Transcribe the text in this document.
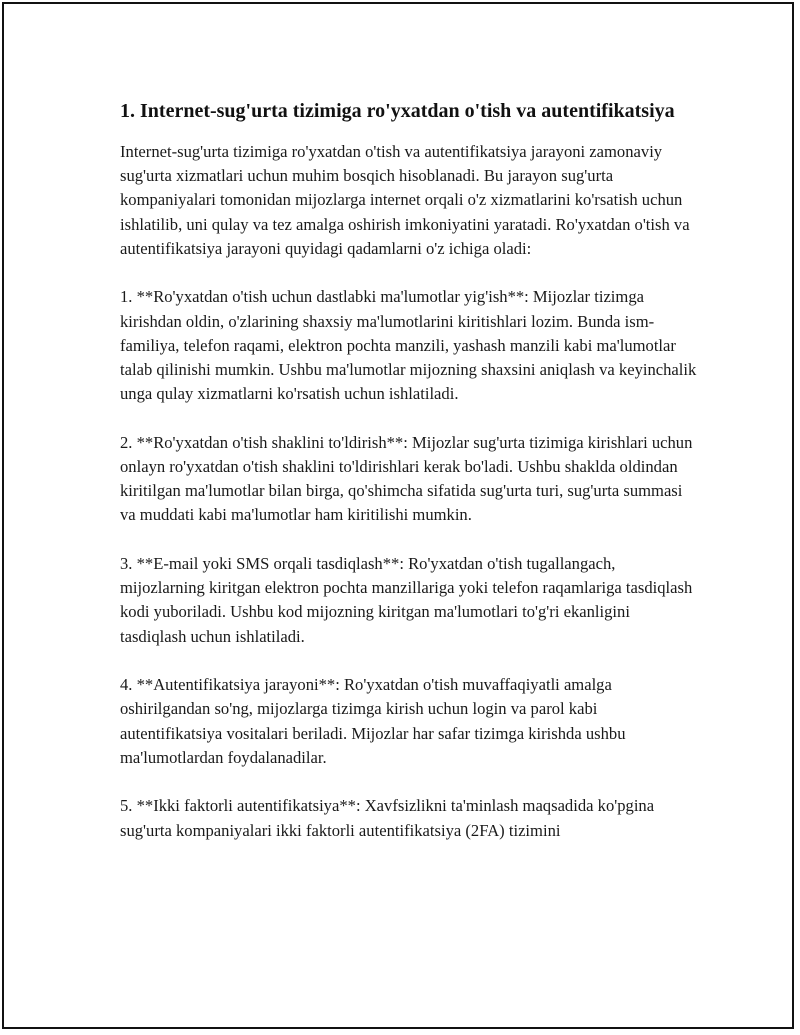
1. Internet-sug'urta tizimiga ro'yxatdan o'tish va autentifikatsiya

Internet-sug'urta tizimiga ro'yxatdan o'tish va autentifikatsiya jarayoni zamonaviy sug'urta xizmatlari uchun muhim bosqich hisoblanadi. Bu jarayon sug'urta kompaniyalari tomonidan mijozlarga internet orqali o'z xizmatlarini ko'rsatish uchun ishlatilib, uni qulay va tez amalga oshirish imkoniyatini yaratadi. Ro'yxatdan o'tish va autentifikatsiya jarayoni quyidagi qadamlarni o'z ichiga oladi:

1. **Ro'yxatdan o'tish uchun dastlabki ma'lumotlar yig'ish**: Mijozlar tizimga kirishdan oldin, o'zlarining shaxsiy ma'lumotlarini kiritishlari lozim. Bunda ism-familiya, telefon raqami, elektron pochta manzili, yashash manzili kabi ma'lumotlar talab qilinishi mumkin. Ushbu ma'lumotlar mijozning shaxsini aniqlash va keyinchalik unga qulay xizmatlarni ko'rsatish uchun ishlatiladi.

2. **Ro'yxatdan o'tish shaklini to'ldirish**: Mijozlar sug'urta tizimiga kirishlari uchun onlayn ro'yxatdan o'tish shaklini to'ldirishlari kerak bo'ladi. Ushbu shaklda oldindan kiritilgan ma'lumotlar bilan birga, qo'shimcha sifatida sug'urta turi, sug'urta summasi va muddati kabi ma'lumotlar ham kiritilishi mumkin.

3. **E-mail yoki SMS orqali tasdiqlash**: Ro'yxatdan o'tish tugallangach, mijozlarning kiritgan elektron pochta manzillariga yoki telefon raqamlariga tasdiqlash kodi yuboriladi. Ushbu kod mijozning kiritgan ma'lumotlari to'g'ri ekanligini tasdiqlash uchun ishlatiladi.

4. **Autentifikatsiya jarayoni**: Ro'yxatdan o'tish muvaffaqiyatli amalga oshirilgandan so'ng, mijozlarga tizimga kirish uchun login va parol kabi autentifikatsiya vositalari beriladi. Mijozlar har safar tizimga kirishda ushbu ma'lumotlardan foydalanadilar.

5. **Ikki faktorli autentifikatsiya**: Xavfsizlikni ta'minlash maqsadida ko'pgina sug'urta kompaniyalari ikki faktorli autentifikatsiya (2FA) tizimini
